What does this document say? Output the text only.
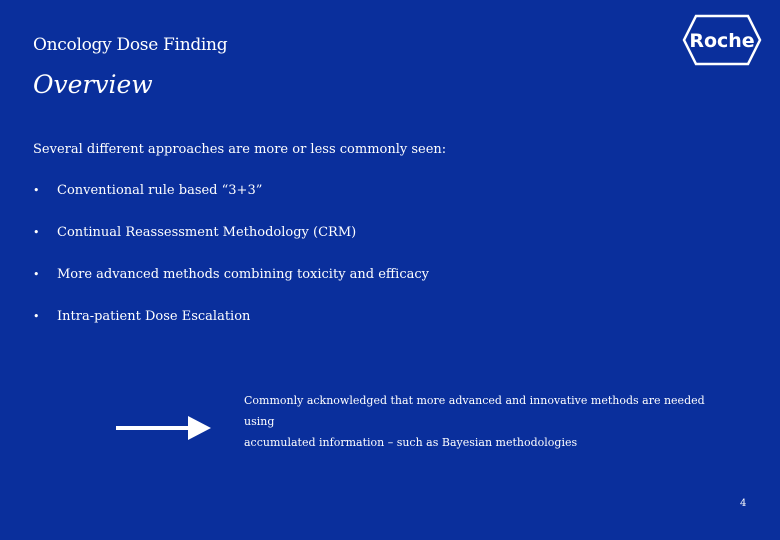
Oncology Dose Finding
Overview
Roche
Several different approaches are more or less commonly seen:
•	Conventional rule based “3+3”
•	Continual Reassessment Methodology (CRM)
•	More advanced methods combining toxicity and efficacy
•	Intra-patient Dose Escalation
Commonly acknowledged that more advanced and innovative methods are needed using
accumulated information – such as Bayesian methodologies
4
